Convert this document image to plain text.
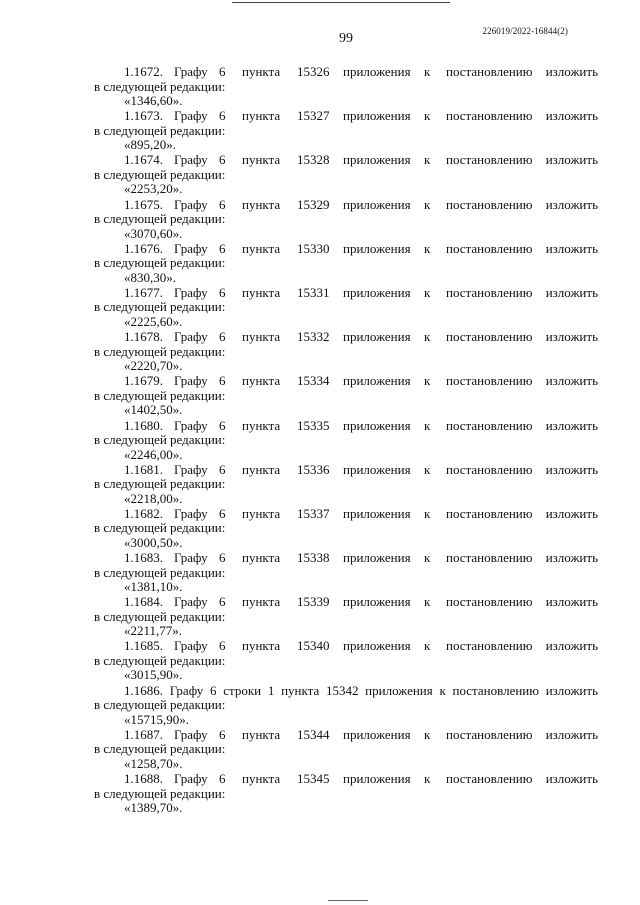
99	226019/2022-16844(2)
1.1672. Графу 6 пункта 15326 приложения к постановлению изложить
в следующей редакции:
«1346,60».
1.1673. Графу 6 пункта 15327 приложения к постановлению изложить
в следующей редакции:
«895,20».
1.1674. Графу 6 пункта 15328 приложения к постановлению изложить
в следующей редакции:
«2253,20».
1.1675. Графу 6 пункта 15329 приложения к постановлению изложить
в следующей редакции:
«3070,60».
1.1676. Графу 6 пункта 15330 приложения к постановлению изложить
в следующей редакции:
«830,30».
1.1677. Графу 6 пункта 15331 приложения к постановлению изложить
в следующей редакции:
«2225,60».
1.1678. Графу 6 пункта 15332 приложения к постановлению изложить
в следующей редакции:
«2220,70».
1.1679. Графу 6 пункта 15334 приложения к постановлению изложить
в следующей редакции:
«1402,50».
1.1680. Графу 6 пункта 15335 приложения к постановлению изложить
в следующей редакции:
«2246,00».
1.1681. Графу 6 пункта 15336 приложения к постановлению изложить
в следующей редакции:
«2218,00».
1.1682. Графу 6 пункта 15337 приложения к постановлению изложить
в следующей редакции:
«3000,50».
1.1683. Графу 6 пункта 15338 приложения к постановлению изложить
в следующей редакции:
«1381,10».
1.1684. Графу 6 пункта 15339 приложения к постановлению изложить
в следующей редакции:
«2211,77».
1.1685. Графу 6 пункта 15340 приложения к постановлению изложить
в следующей редакции:
«3015,90».
1.1686. Графу 6 строки 1 пункта 15342 приложения к постановлению изложить
в следующей редакции:
«15715,90».
1.1687. Графу 6 пункта 15344 приложения к постановлению изложить
в следующей редакции:
«1258,70».
1.1688. Графу 6 пункта 15345 приложения к постановлению изложить
в следующей редакции:
«1389,70».
